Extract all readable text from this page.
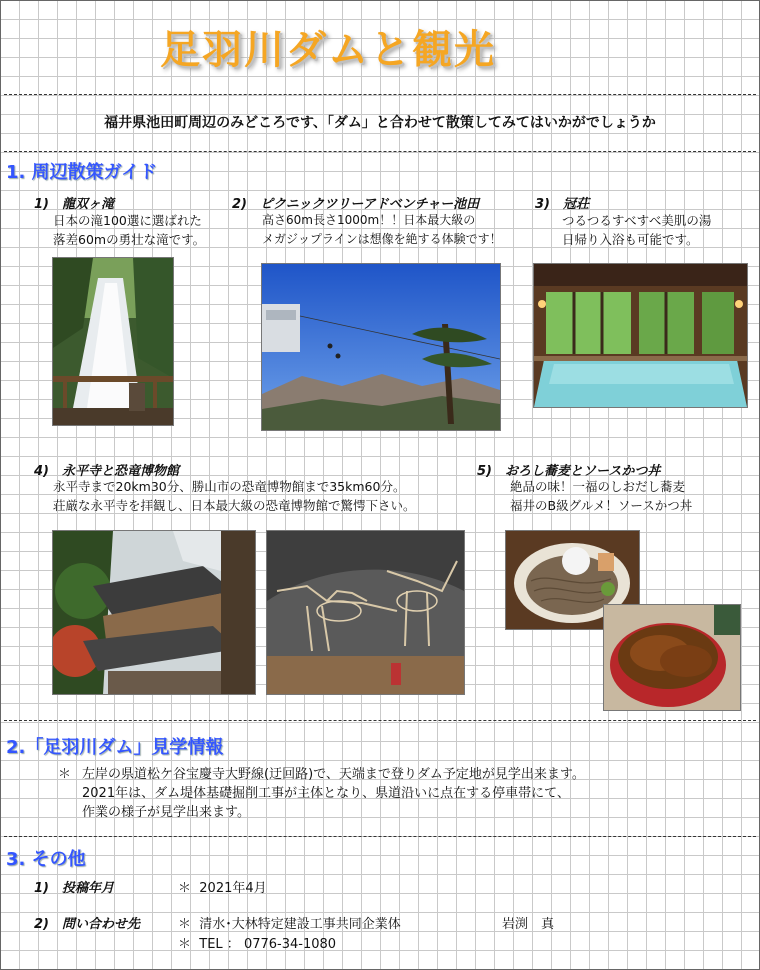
足羽川ダムと観光
福井県池田町周辺のみどころです、「ダム」と合わせて散策してみてはいかがでしょうか
1. 周辺散策ガイド
1) 龍双ヶ滝
日本の滝100選に選ばれた
落差60mの勇壮な滝です。
2) ピクニックツリーアドベンチャー池田
高さ60m長さ1000m！！日本最大級の
メガジップラインは想像を絶する体験です！
3) 冠荘
つるつるすべすべ美肌の湯
日帰り入浴も可能です。
4) 永平寺と恐竜博物館
永平寺まで20km30分、勝山市の恐竜博物館まで35km60分。
荘厳な永平寺を拝観し、日本最大級の恐竜博物館で驚愕下さい。
5) おろし蕎麦とソースかつ丼
絶品の味！一福のしおだし蕎麦
福井のB級グルメ！ソースかつ丼
2.「足羽川ダム」見学情報
＊ 左岸の県道松ケ谷宝慶寺大野線(迂回路)で、天端まで登りダム予定地が見学出来ます。
2021年は、ダム堤体基礎掘削工事が主体となり、県道沿いに点在する停車帯にて、
作業の様子が見学出来ます。
3. その他
1) 投稿年月	＊ 2021年4月
2) 問い合わせ先	＊ 清水･大林特定建設工事共同企業体	岩渕　真
＊ TEL ： 0776-34-1080
